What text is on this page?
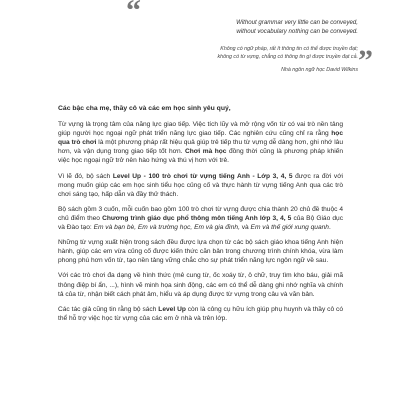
“	Without grammar very little can be conveyed,
without vocabulary nothing can be conveyed.
Không có ngữ pháp, rất ít thông tin có thể được truyền đạt;
không có từ vựng, chẳng có thông tin gì được truyền đạt cả.
Nhà ngôn ngữ học David Wilkins ”
Các bậc cha mẹ, thầy cô và các em học sinh yêu quý,

Từ vựng là trọng tâm của năng lực giao tiếp. Việc tích lũy và mở rộng vốn từ có vai trò nền tảng giúp người học ngoại ngữ phát triển năng lực giao tiếp. Các nghiên cứu cũng chỉ ra rằng học qua trò chơi là một phương pháp rất hiệu quả giúp trẻ tiếp thu từ vựng dễ dàng hơn, ghi nhớ lâu hơn, và vận dụng trong giao tiếp tốt hơn. Chơi mà học đồng thời cũng là phương pháp khiến việc học ngoại ngữ trở nên hào hứng và thú vị hơn với trẻ.

Vì lẽ đó, bộ sách Level Up - 100 trò chơi từ vựng tiếng Anh - Lớp 3, 4, 5 được ra đời với mong muốn giúp các em học sinh tiểu học củng cố và thực hành từ vựng tiếng Anh qua các trò chơi sáng tạo, hấp dẫn và đầy thử thách.

Bộ sách gồm 3 cuốn, mỗi cuốn bao gồm 100 trò chơi từ vựng được chia thành 20 chủ đề thuộc 4 chủ điểm theo Chương trình giáo dục phổ thông môn tiếng Anh lớp 3, 4, 5 của Bộ Giáo dục và Đào tạo: Em và bạn bè, Em và trường học, Em và gia đình, và Em và thế giới xung quanh.

Những từ vựng xuất hiện trong sách đều được lựa chọn từ các bộ sách giáo khoa tiếng Anh hiện hành, giúp các em vừa củng cố được kiến thức căn bản trong chương trình chính khóa, vừa làm phong phú hơn vốn từ, tạo nền tảng vững chắc cho sự phát triển năng lực ngôn ngữ về sau.

Với các trò chơi đa dạng về hình thức (mê cung từ, ốc xoáy từ, ô chữ, truy tìm kho báu, giải mã thông điệp bí ẩn, ...), hình vẽ minh họa sinh động, các em có thể dễ dàng ghi nhớ nghĩa và chính tả của từ, nhận biết cách phát âm, hiểu và áp dụng được từ vựng trong câu và văn bản.

Các tác giả cũng tin rằng bộ sách Level Up còn là công cụ hữu ích giúp phụ huynh và thầy cô có thể hỗ trợ việc học từ vựng của các em ở nhà và trên lớp.
